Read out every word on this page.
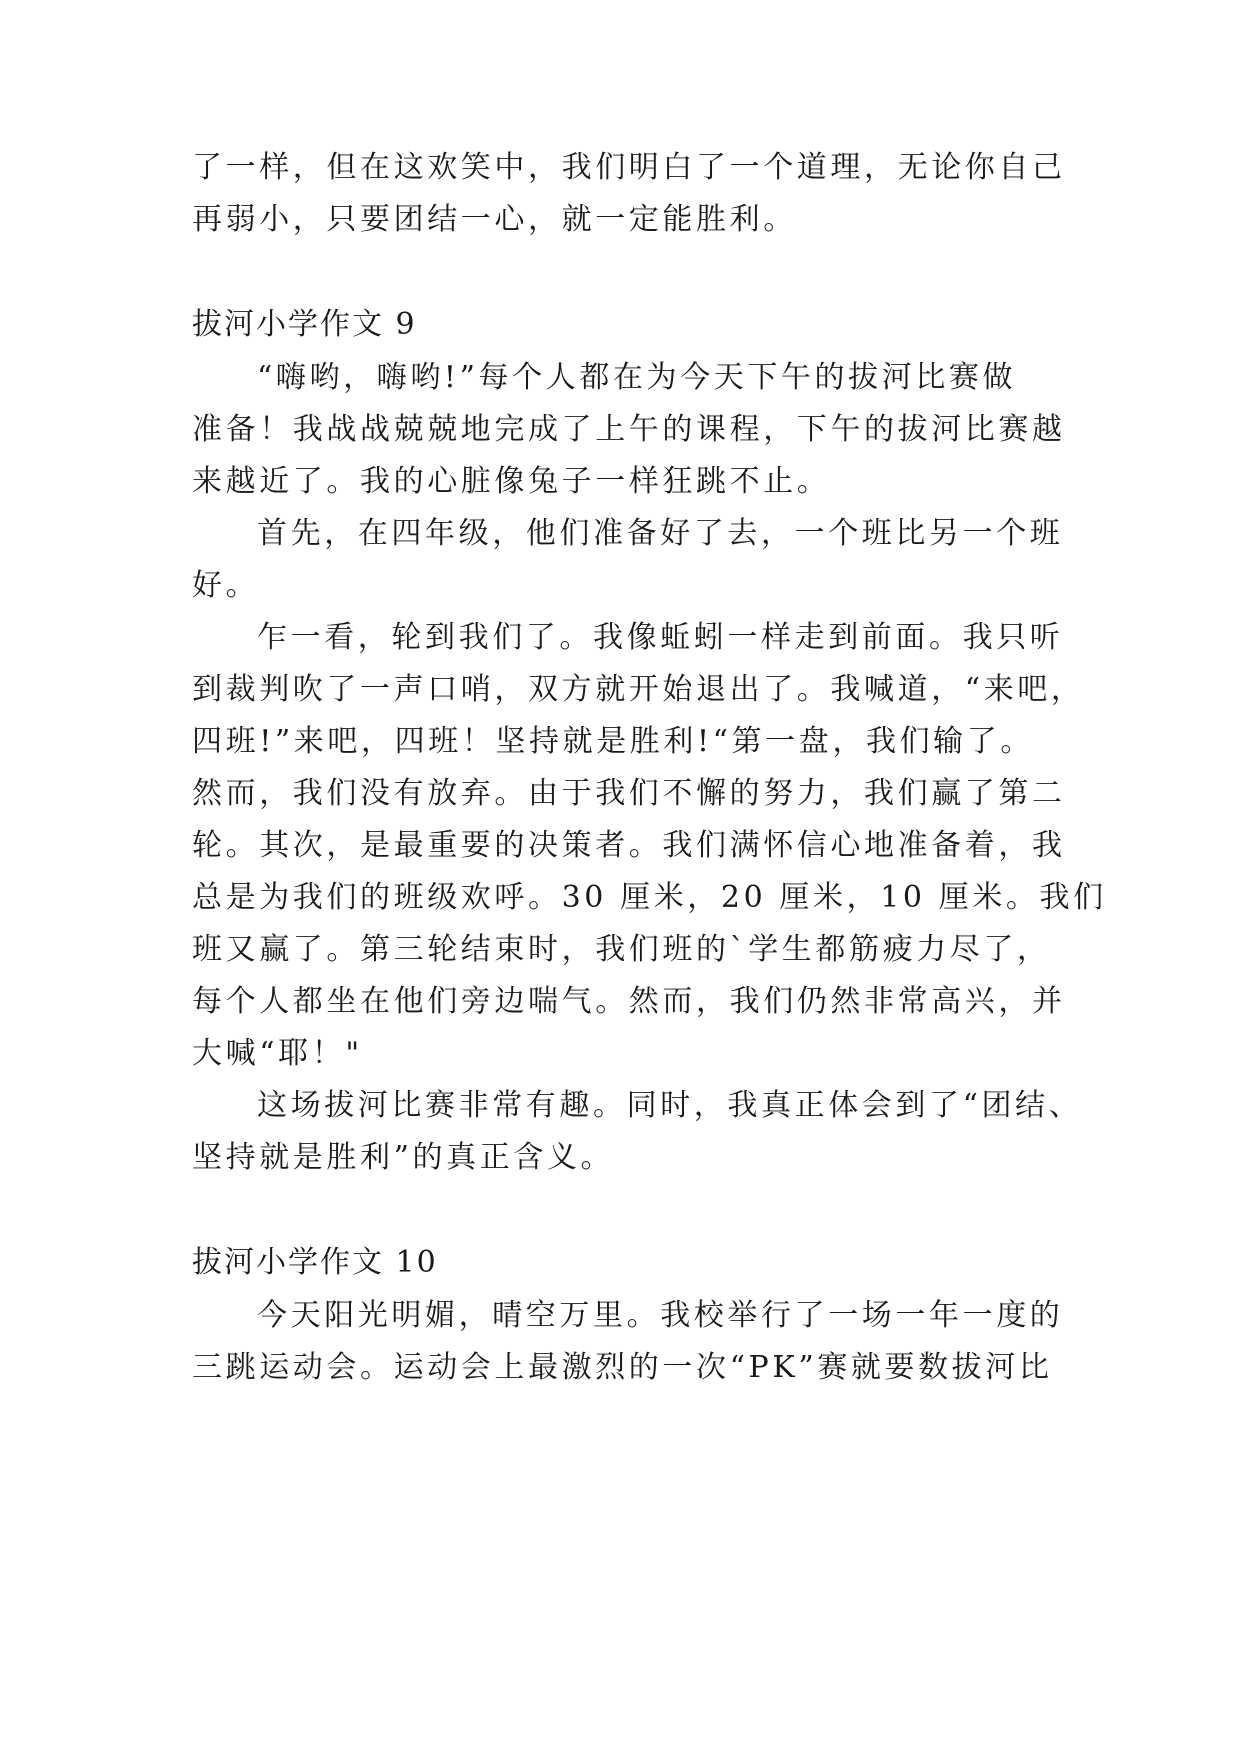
了一样，但在这欢笑中，我们明白了一个道理，无论你自己
再弱小，只要团结一心，就一定能胜利。
拔河小学作文 9
“嗨哟，嗨哟!”每个人都在为今天下午的拔河比赛做
准备！我战战兢兢地完成了上午的课程，下午的拔河比赛越
来越近了。我的心脏像兔子一样狂跳不止。
首先，在四年级，他们准备好了去，一个班比另一个班
好。
乍一看，轮到我们了。我像蚯蚓一样走到前面。我只听
到裁判吹了一声口哨，双方就开始退出了。我喊道，“来吧，
四班!”来吧，四班！坚持就是胜利!“第一盘，我们输了。
然而，我们没有放弃。由于我们不懈的努力，我们赢了第二
轮。其次，是最重要的决策者。我们满怀信心地准备着，我
总是为我们的班级欢呼。30 厘米，20 厘米，10 厘米。我们
班又赢了。第三轮结束时，我们班的`学生都筋疲力尽了，
每个人都坐在他们旁边喘气。然而，我们仍然非常高兴，并
大喊“耶！"
这场拔河比赛非常有趣。同时，我真正体会到了“团结、
坚持就是胜利”的真正含义。
拔河小学作文 10
今天阳光明媚，晴空万里。我校举行了一场一年一度的
三跳运动会。运动会上最激烈的一次“PK”赛就要数拔河比
